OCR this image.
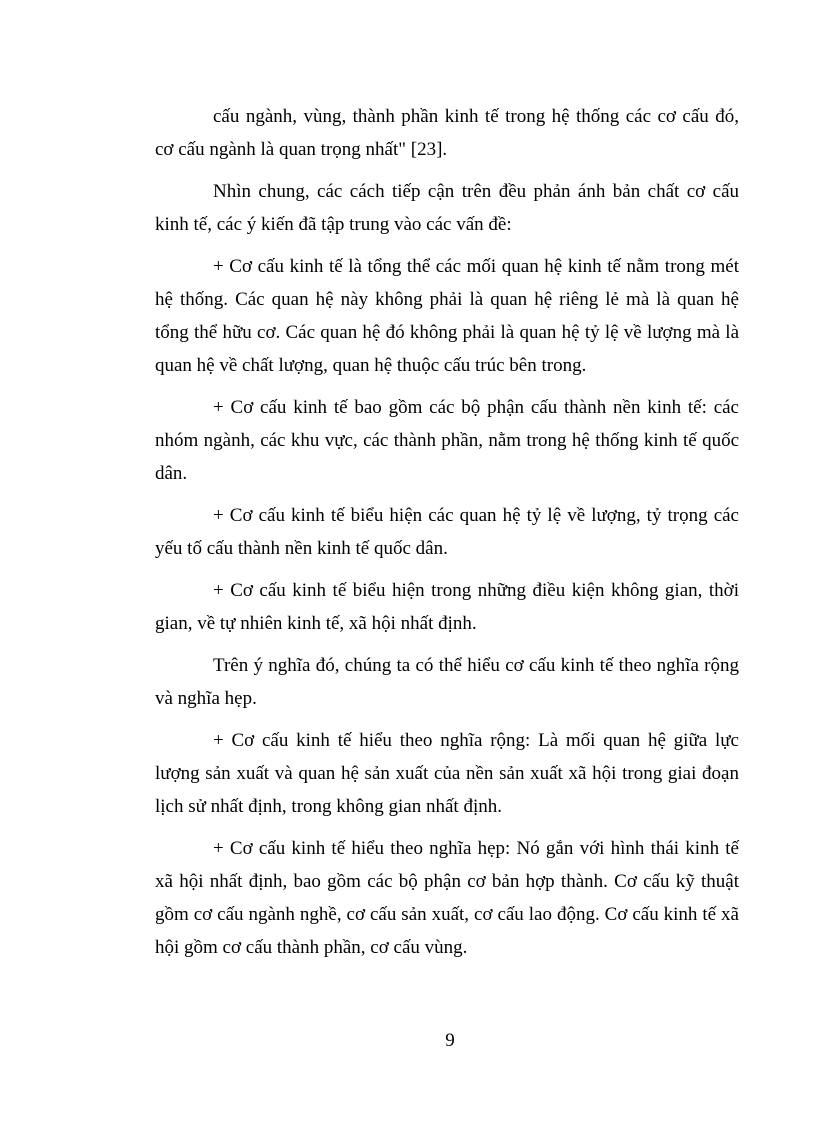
cấu ngành, vùng, thành phần kinh tế trong hệ thống các cơ cấu đó, cơ cấu ngành là quan trọng nhất" [23].

Nhìn chung, các cách tiếp cận trên đều phản ánh bản chất cơ cấu kinh tế, các ý kiến đã tập trung vào các vấn đề:

+ Cơ cấu kinh tế là tổng thể các mối quan hệ kinh tế nằm trong mét hệ thống. Các quan hệ này không phải là quan hệ riêng lẻ mà là quan hệ tổng thể hữu cơ. Các quan hệ đó không phải là quan hệ tỷ lệ về lượng mà là quan hệ về chất lượng, quan hệ thuộc cấu trúc bên trong.

+ Cơ cấu kinh tế bao gồm các bộ phận cấu thành nền kinh tế: các nhóm ngành, các khu vực, các thành phần, nằm trong hệ thống kinh tế quốc dân.

+ Cơ cấu kinh tế biểu hiện các quan hệ tỷ lệ về lượng, tỷ trọng các yếu tố cấu thành nền kinh tế quốc dân.

+ Cơ cấu kinh tế biểu hiện trong những điều kiện không gian, thời gian, về tự nhiên kinh tế, xã hội nhất định.

Trên ý nghĩa đó, chúng ta có thể hiểu cơ cấu kinh tế theo nghĩa rộng và nghĩa hẹp.

+ Cơ cấu kinh tế hiểu theo nghĩa rộng: Là mối quan hệ giữa lực lượng sản xuất và quan hệ sản xuất của nền sản xuất xã hội trong giai đoạn lịch sử nhất định, trong không gian nhất định.

+ Cơ cấu kinh tế hiểu theo nghĩa hẹp: Nó gắn với hình thái kinh tế xã hội nhất định, bao gồm các bộ phận cơ bản hợp thành. Cơ cấu kỹ thuật gồm cơ cấu ngành nghề, cơ cấu sản xuất, cơ cấu lao động. Cơ cấu kinh tế xã hội gồm cơ cấu thành phần, cơ cấu vùng.

9
